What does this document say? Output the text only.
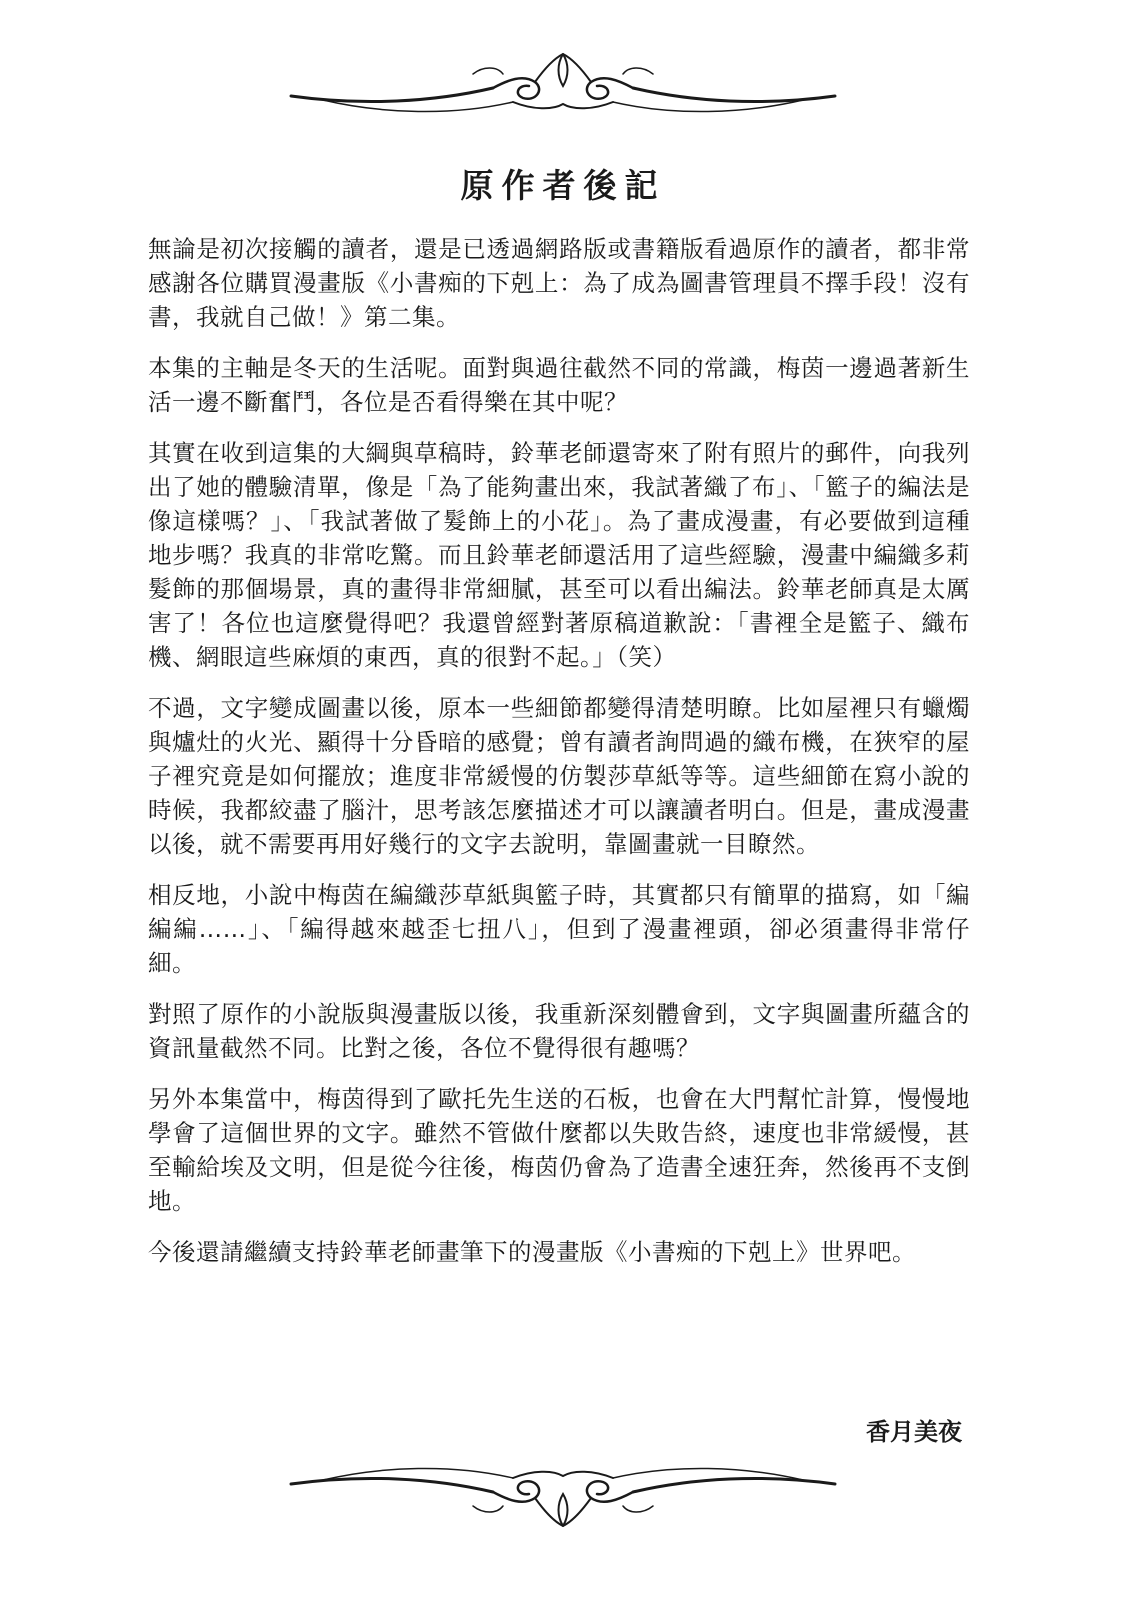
原作者後記

無論是初次接觸的讀者，還是已透過網路版或書籍版看過原作的讀者，都非常感謝各位購買漫畫版《小書痴的下剋上：為了成為圖書管理員不擇手段！沒有書，我就自己做！》第二集。

本集的主軸是冬天的生活呢。面對與過往截然不同的常識，梅茵一邊過著新生活一邊不斷奮鬥，各位是否看得樂在其中呢？

其實在收到這集的大綱與草稿時，鈴華老師還寄來了附有照片的郵件，向我列出了她的體驗清單，像是「為了能夠畫出來，我試著織了布」、「籃子的編法是像這樣嗎？」、「我試著做了髮飾上的小花」。為了畫成漫畫，有必要做到這種地步嗎？我真的非常吃驚。而且鈴華老師還活用了這些經驗，漫畫中編織多莉髮飾的那個場景，真的畫得非常細膩，甚至可以看出編法。鈴華老師真是太厲害了！各位也這麼覺得吧？我還曾經對著原稿道歉說：「書裡全是籃子、織布機、網眼這些麻煩的東西，真的很對不起。」（笑）

不過，文字變成圖畫以後，原本一些細節都變得清楚明瞭。比如屋裡只有蠟燭與爐灶的火光、顯得十分昏暗的感覺；曾有讀者詢問過的織布機，在狹窄的屋子裡究竟是如何擺放；進度非常緩慢的仿製莎草紙等等。這些細節在寫小說的時候，我都絞盡了腦汁，思考該怎麼描述才可以讓讀者明白。但是，畫成漫畫以後，就不需要再用好幾行的文字去說明，靠圖畫就一目瞭然。

相反地，小說中梅茵在編織莎草紙與籃子時，其實都只有簡單的描寫，如「編編編……」、「編得越來越歪七扭八」，但到了漫畫裡頭，卻必須畫得非常仔細。

對照了原作的小說版與漫畫版以後，我重新深刻體會到，文字與圖畫所蘊含的資訊量截然不同。比對之後，各位不覺得很有趣嗎？

另外本集當中，梅茵得到了歐托先生送的石板，也會在大門幫忙計算，慢慢地學會了這個世界的文字。雖然不管做什麼都以失敗告終，速度也非常緩慢，甚至輸給埃及文明，但是從今往後，梅茵仍會為了造書全速狂奔，然後再不支倒地。

今後還請繼續支持鈴華老師畫筆下的漫畫版《小書痴的下剋上》世界吧。

香月美夜
